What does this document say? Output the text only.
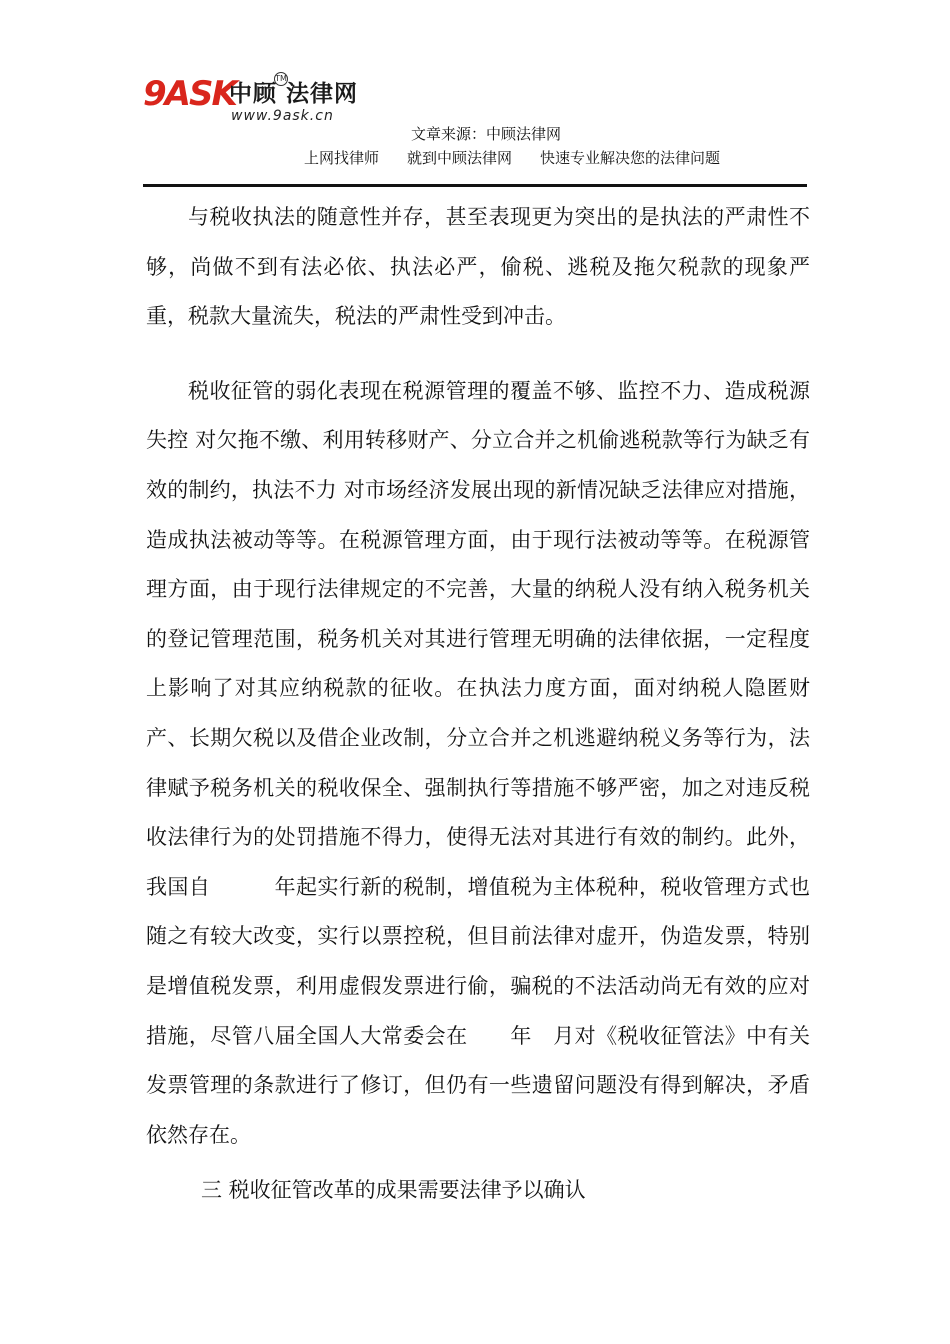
9ASK
中顾 法律网
TM
www.9ask.cn
文章来源：中顾法律网
上网找律师 就到中顾法律网 快速专业解决您的法律问题

与税收执法的随意性并存，甚至表现更为突出的是执法的严肃性不够，尚做不到有法必依、执法必严，偷税、逃税及拖欠税款的现象严重，税款大量流失，税法的严肃性受到冲击。

税收征管的弱化表现在税源管理的覆盖不够、监控不力、造成税源失控 对欠拖不缴、利用转移财产、分立合并之机偷逃税款等行为缺乏有效的制约，执法不力 对市场经济发展出现的新情况缺乏法律应对措施，造成执法被动等等。在税源管理方面，由于现行法被动等等。在税源管理方面，由于现行法律规定的不完善，大量的纳税人没有纳入税务机关的登记管理范围，税务机关对其进行管理无明确的法律依据，一定程度上影响了对其应纳税款的征收。在执法力度方面，面对纳税人隐匿财产、长期欠税以及借企业改制，分立合并之机逃避纳税义务等行为，法律赋予税务机关的税收保全、强制执行等措施不够严密，加之对违反税收法律行为的处罚措施不得力，使得无法对其进行有效的制约。此外，我国自　　　年起实行新的税制，增值税为主体税种，税收管理方式也随之有较大改变，实行以票控税，但目前法律对虚开，伪造发票，特别是增值税发票，利用虚假发票进行偷，骗税的不法活动尚无有效的应对措施，尽管八届全国人大常委会在　　年　月对《税收征管法》中有关发票管理的条款进行了修订，但仍有一些遗留问题没有得到解决，矛盾依然存在。

三 税收征管改革的成果需要法律予以确认
